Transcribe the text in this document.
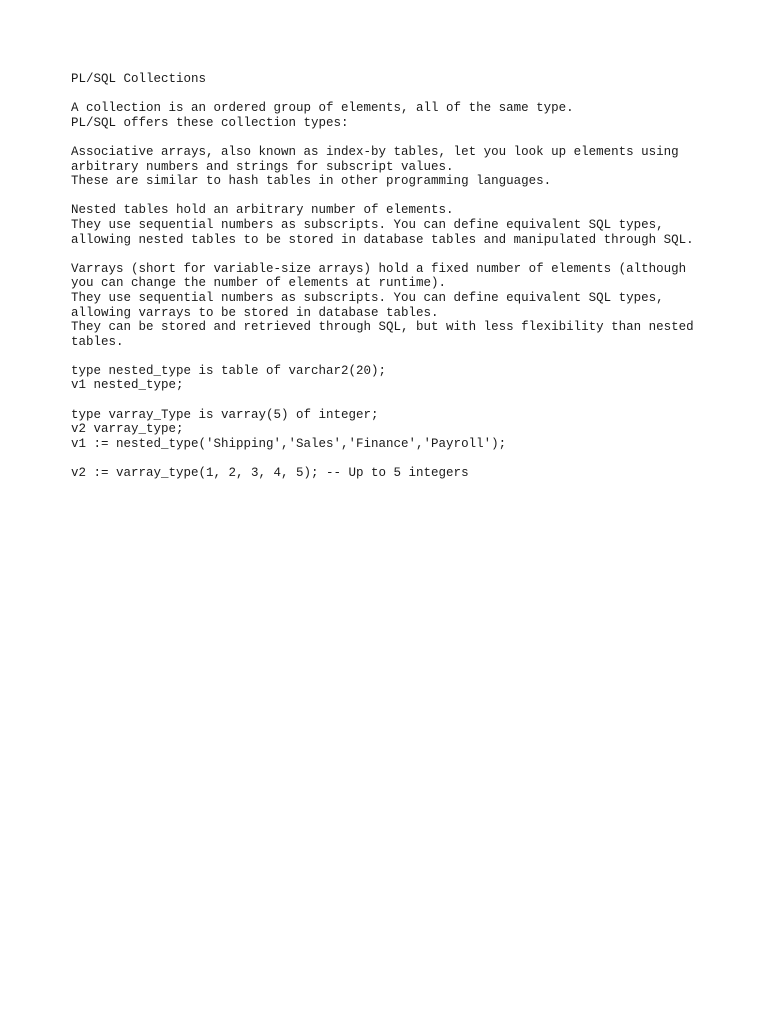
PL/SQL Collections
A collection is an ordered group of elements, all of the same type.
PL/SQL offers these collection types:
Associative arrays, also known as index-by tables, let you look up elements using
arbitrary numbers and strings for subscript values.
These are similar to hash tables in other programming languages.
Nested tables hold an arbitrary number of elements.
They use sequential numbers as subscripts. You can define equivalent SQL types,
allowing nested tables to be stored in database tables and manipulated through SQL.
Varrays (short for variable-size arrays) hold a fixed number of elements (although
you can change the number of elements at runtime).
They use sequential numbers as subscripts. You can define equivalent SQL types,
allowing varrays to be stored in database tables.
They can be stored and retrieved through SQL, but with less flexibility than nested
tables.
type nested_type is table of varchar2(20);
v1 nested_type;
type varray_Type is varray(5) of integer;
v2 varray_type;
v1 := nested_type('Shipping','Sales','Finance','Payroll');
v2 := varray_type(1, 2, 3, 4, 5); -- Up to 5 integers
